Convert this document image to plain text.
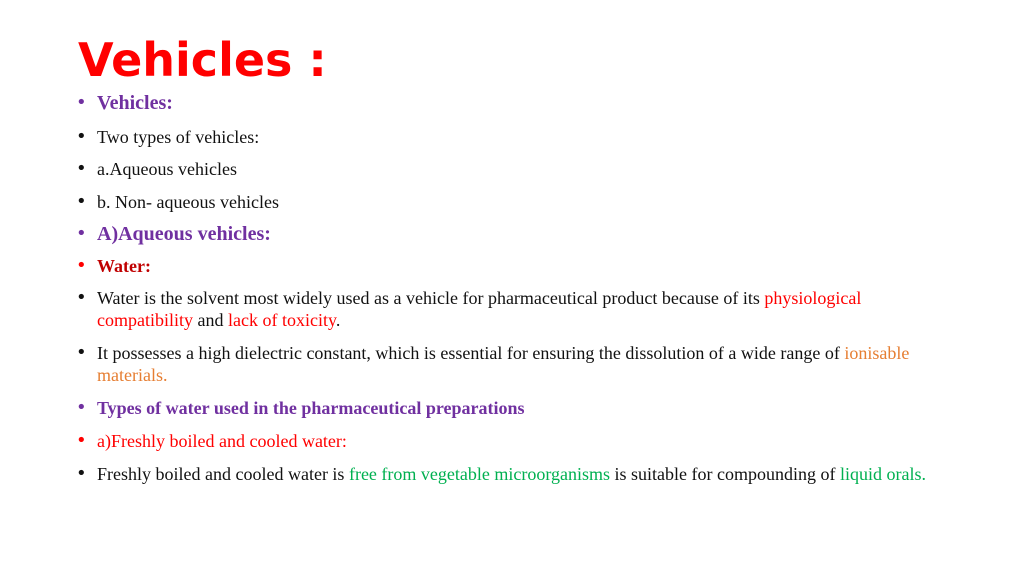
Vehicles :
• Vehicles:
• Two types of vehicles:
• a.Aqueous vehicles
• b. Non- aqueous vehicles
• A)Aqueous vehicles:
• Water:
• Water is the solvent most widely used as a vehicle for pharmaceutical product because of its physiological compatibility and lack of toxicity.
• It possesses a high dielectric constant, which is essential for ensuring the dissolution of a wide range of ionisable materials.
• Types of water used in the pharmaceutical preparations
• a)Freshly boiled and cooled water:
• Freshly boiled and cooled water is free from vegetable microorganisms is suitable for compounding of liquid orals.
